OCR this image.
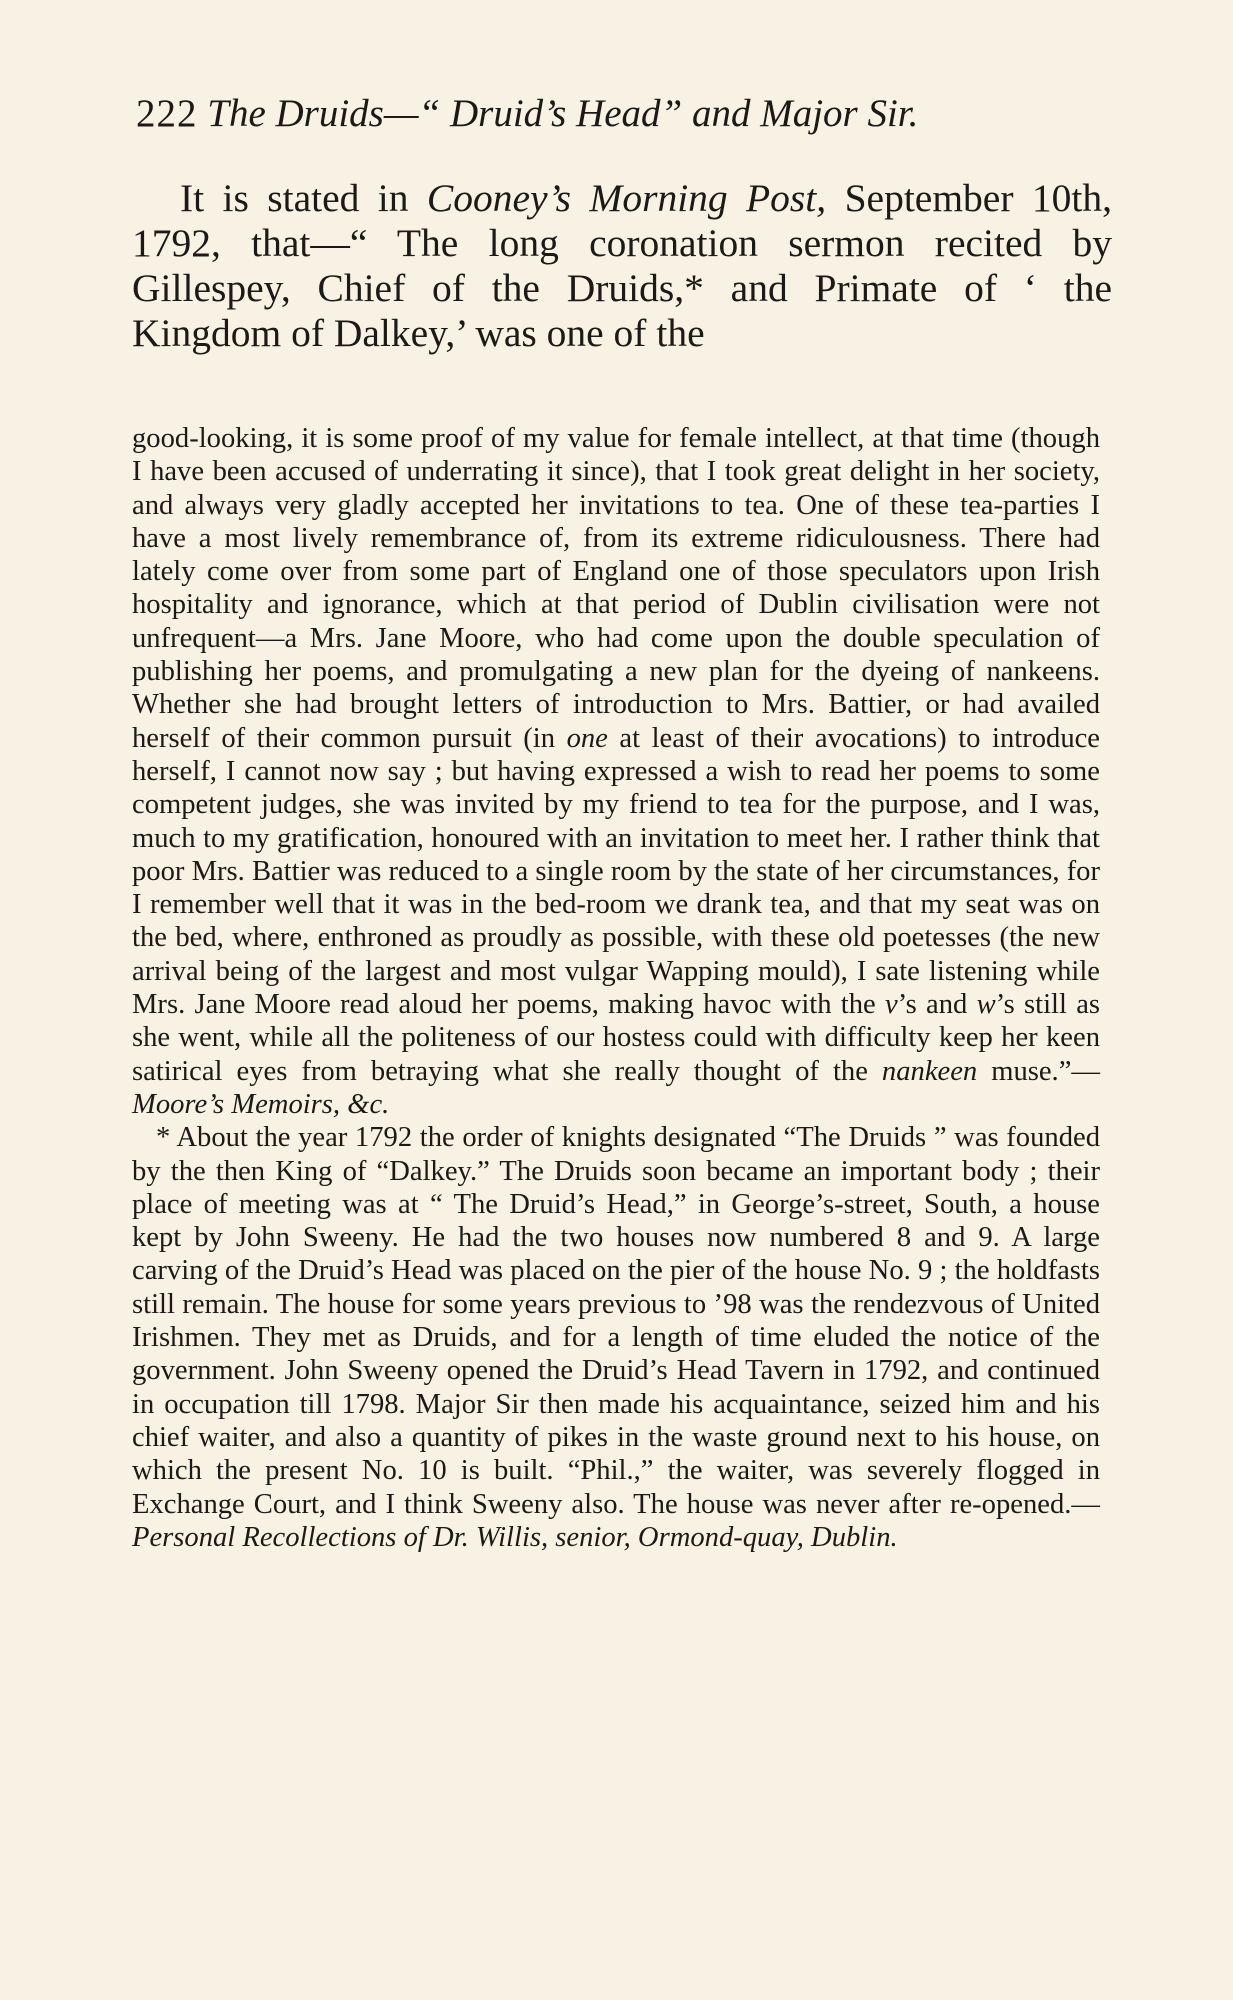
222 The Druids—“ Druid’s Head” and Major Sir.
It is stated in Cooney’s Morning Post, September 10th, 1792, that—“ The long coronation sermon recited by Gillespey, Chief of the Druids,* and Primate of ‘ the Kingdom of Dalkey,’ was one of the

good-looking, it is some proof of my value for female intellect, at that time (though I have been accused of underrating it since), that I took great delight in her society, and always very gladly accepted her invitations to tea. One of these tea-parties I have a most lively remembrance of, from its extreme ridiculousness. There had lately come over from some part of England one of those speculators upon Irish hospitality and ignorance, which at that period of Dublin civilisation were not unfrequent—a Mrs. Jane Moore, who had come upon the double speculation of publishing her poems, and promulgating a new plan for the dyeing of nankeens. Whether she had brought letters of introduction to Mrs. Battier, or had availed herself of their common pursuit (in one at least of their avocations) to introduce herself, I cannot now say ; but having expressed a wish to read her poems to some competent judges, she was invited by my friend to tea for the purpose, and I was, much to my gratification, honoured with an invitation to meet her. I rather think that poor Mrs. Battier was reduced to a single room by the state of her circumstances, for I remember well that it was in the bed-room we drank tea, and that my seat was on the bed, where, enthroned as proudly as possible, with these old poetesses (the new arrival being of the largest and most vulgar Wapping mould), I sate listening while Mrs. Jane Moore read aloud her poems, making havoc with the v’s and w’s still as she went, while all the politeness of our hostess could with difficulty keep her keen satirical eyes from betraying what she really thought of the nankeen muse.”—Moore’s Memoirs, &c.

* About the year 1792 the order of knights designated “The Druids ” was founded by the then King of “Dalkey.” The Druids soon became an important body ; their place of meeting was at “ The Druid’s Head,” in George’s-street, South, a house kept by John Sweeny. He had the two houses now numbered 8 and 9. A large carving of the Druid’s Head was placed on the pier of the house No. 9 ; the holdfasts still remain. The house for some years previous to ’98 was the rendezvous of United Irishmen. They met as Druids, and for a length of time eluded the notice of the government. John Sweeny opened the Druid’s Head Tavern in 1792, and continued in occupation till 1798. Major Sir then made his acquaintance, seized him and his chief waiter, and also a quantity of pikes in the waste ground next to his house, on which the present No. 10 is built. “Phil.,” the waiter, was severely flogged in Exchange Court, and I think Sweeny also. The house was never after re-opened.—Personal Recollections of Dr. Willis, senior, Ormond-quay, Dublin.
